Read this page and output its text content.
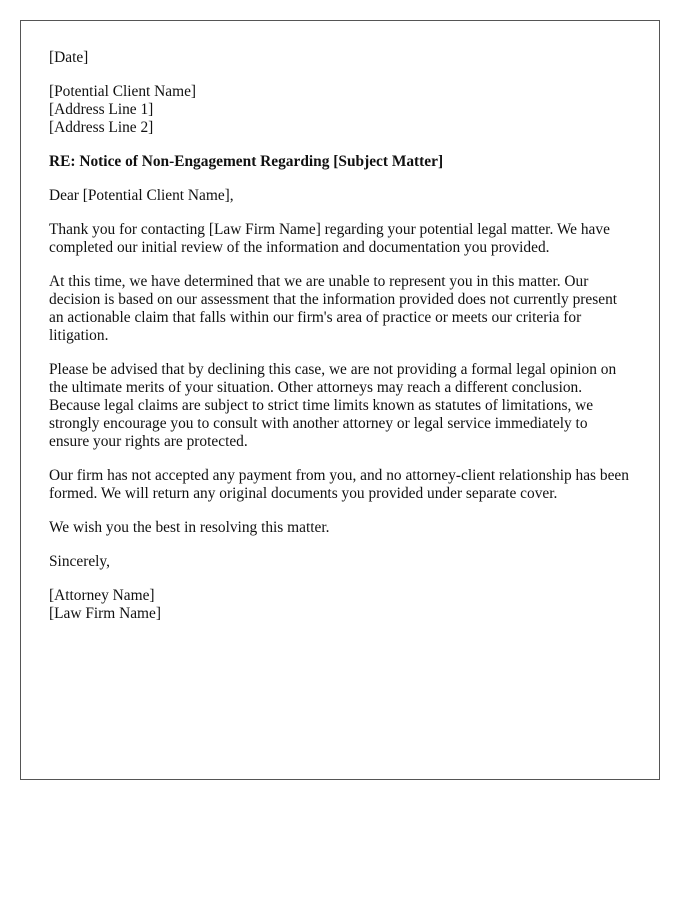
[Date]
[Potential Client Name]
[Address Line 1]
[Address Line 2]
RE: Notice of Non-Engagement Regarding [Subject Matter]
Dear [Potential Client Name],

Thank you for contacting [Law Firm Name] regarding your potential legal matter. We have completed our initial review of the information and documentation you provided.

At this time, we have determined that we are unable to represent you in this matter. Our decision is based on our assessment that the information provided does not currently present an actionable claim that falls within our firm's area of practice or meets our criteria for litigation.

Please be advised that by declining this case, we are not providing a formal legal opinion on the ultimate merits of your situation. Other attorneys may reach a different conclusion. Because legal claims are subject to strict time limits known as statutes of limitations, we strongly encourage you to consult with another attorney or legal service immediately to ensure your rights are protected.

Our firm has not accepted any payment from you, and no attorney-client relationship has been formed. We will return any original documents you provided under separate cover.

We wish you the best in resolving this matter.

Sincerely,
[Attorney Name]
[Law Firm Name]
